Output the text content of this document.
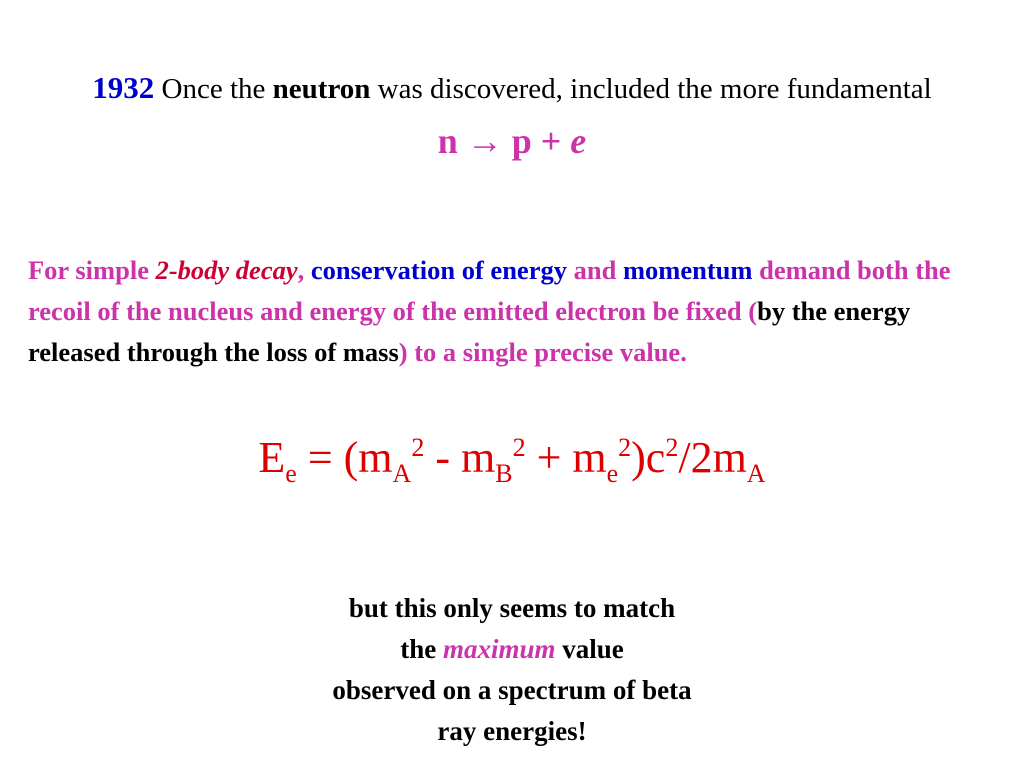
1932 Once the neutron was discovered, included the more fundamental
n → p + e
For simple 2-body decay, conservation of energy and momentum demand both the recoil of the nucleus and energy of the emitted electron be fixed (by the energy released through the loss of mass) to a single precise value.
$E_e = (m_A^2 - m_B^2 + m_e^2)c^2/2m_A$
but this only seems to match
the maximum value
observed on a spectrum of beta
ray energies!
